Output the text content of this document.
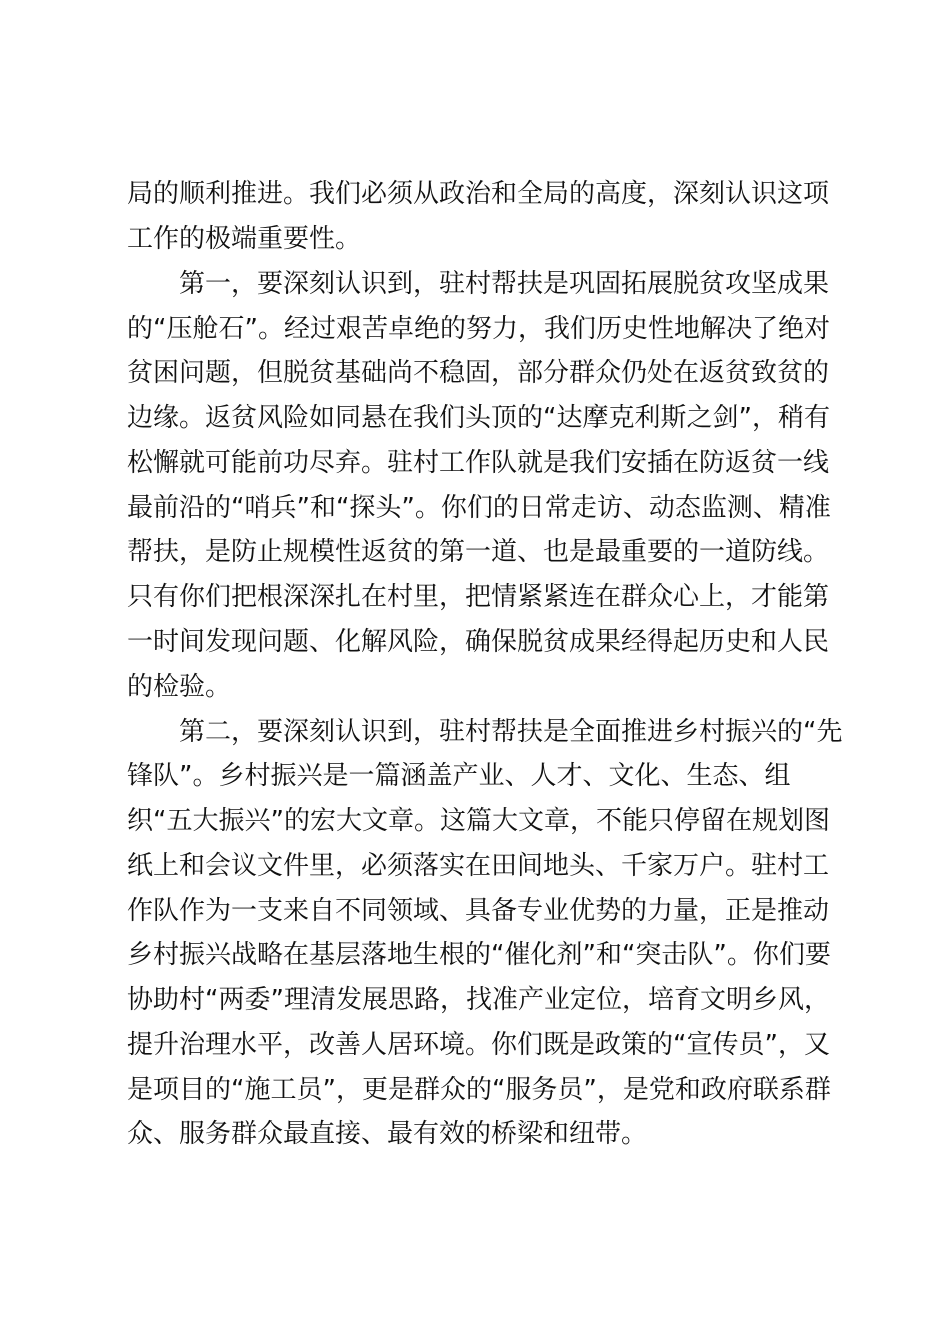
局的顺利推进。我们必须从政治和全局的高度，深刻认识这项
工作的极端重要性。
　　第一，要深刻认识到，驻村帮扶是巩固拓展脱贫攻坚成果
的“压舱石”。经过艰苦卓绝的努力，我们历史性地解决了绝对
贫困问题，但脱贫基础尚不稳固，部分群众仍处在返贫致贫的
边缘。返贫风险如同悬在我们头顶的“达摩克利斯之剑”，稍有
松懈就可能前功尽弃。驻村工作队就是我们安插在防返贫一线
最前沿的“哨兵”和“探头”。你们的日常走访、动态监测、精准
帮扶，是防止规模性返贫的第一道、也是最重要的一道防线。
只有你们把根深深扎在村里，把情紧紧连在群众心上，才能第
一时间发现问题、化解风险，确保脱贫成果经得起历史和人民
的检验。
　　第二，要深刻认识到，驻村帮扶是全面推进乡村振兴的“先
锋队”。乡村振兴是一篇涵盖产业、人才、文化、生态、组
织“五大振兴”的宏大文章。这篇大文章，不能只停留在规划图
纸上和会议文件里，必须落实在田间地头、千家万户。驻村工
作队作为一支来自不同领域、具备专业优势的力量，正是推动
乡村振兴战略在基层落地生根的“催化剂”和“突击队”。你们要
协助村“两委”理清发展思路，找准产业定位，培育文明乡风，
提升治理水平，改善人居环境。你们既是政策的“宣传员”，又
是项目的“施工员”，更是群众的“服务员”，是党和政府联系群
众、服务群众最直接、最有效的桥梁和纽带。
